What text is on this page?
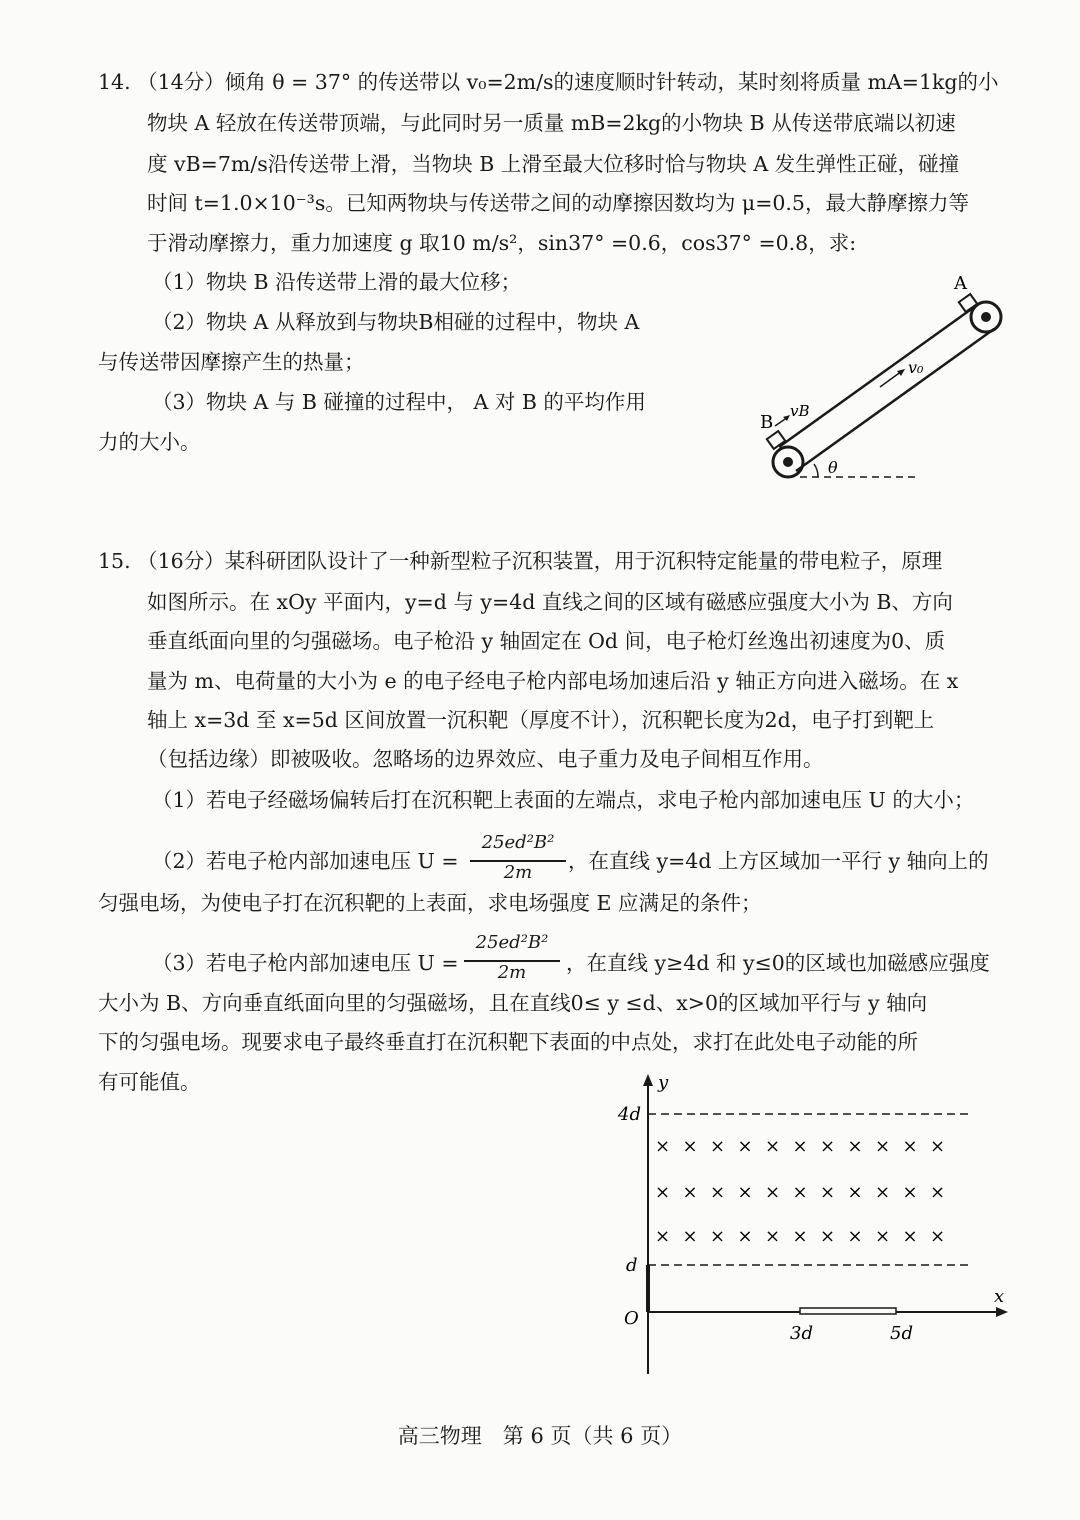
14. （14分）倾角 θ = 37° 的传送带以 v₀=2m/s的速度顺时针转动，某时刻将质量 mA=1kg的小
物块 A 轻放在传送带顶端，与此同时另一质量 mB=2kg的小物块 B 从传送带底端以初速
度 vB=7m/s沿传送带上滑，当物块 B 上滑至最大位移时恰与物块 A 发生弹性正碰，碰撞
时间 t=1.0×10⁻³s。已知两物块与传送带之间的动摩擦因数均为 μ=0.5，最大静摩擦力等
于滑动摩擦力，重力加速度 g 取10 m/s²，sin37° =0.6，cos37° =0.8，求:
（1）物块 B 沿传送带上滑的最大位移；
（2）物块 A 从释放到与物块B相碰的过程中，物块 A
与传送带因摩擦产生的热量；
（3）物块 A 与 B 碰撞的过程中， A 对 B 的平均作用
力的大小。
A
B
vB
v₀
θ
15. （16分）某科研团队设计了一种新型粒子沉积装置，用于沉积特定能量的带电粒子，原理
如图所示。在 xOy 平面内，y=d 与 y=4d 直线之间的区域有磁感应强度大小为 B、方向
垂直纸面向里的匀强磁场。电子枪沿 y 轴固定在 Od 间，电子枪灯丝逸出初速度为0、质
量为 m、电荷量的大小为 e 的电子经电子枪内部电场加速后沿 y 轴正方向进入磁场。在 x
轴上 x=3d 至 x=5d 区间放置一沉积靶（厚度不计），沉积靶长度为2d，电子打到靶上
（包括边缘）即被吸收。忽略场的边界效应、电子重力及电子间相互作用。
（1）若电子经磁场偏转后打在沉积靶上表面的左端点，求电子枪内部加速电压 U 的大小；
（2）若电子枪内部加速电压 U =
25ed²B²
2m	，在直线 y=4d 上方区域加一平行 y 轴向上的
匀强电场，为使电子打在沉积靶的上表面，求电场强度 E 应满足的条件；
（3）若电子枪内部加速电压 U =
25ed²B²
2m	，在直线 y≥4d 和 y≤0的区域也加磁感应强度
大小为 B、方向垂直纸面向里的匀强磁场，且在直线0≤ y ≤d、x>0的区域加平行与 y 轴向
下的匀强电场。现要求电子最终垂直打在沉积靶下表面的中点处，求打在此处电子动能的所
有可能值。	y
x
O
4d
d
3d	5d
× × × × × × × × × × ×
× × × × × × × × × × ×
× × × × × × × × × × ×
高三物理　第 6 页（共 6 页）
